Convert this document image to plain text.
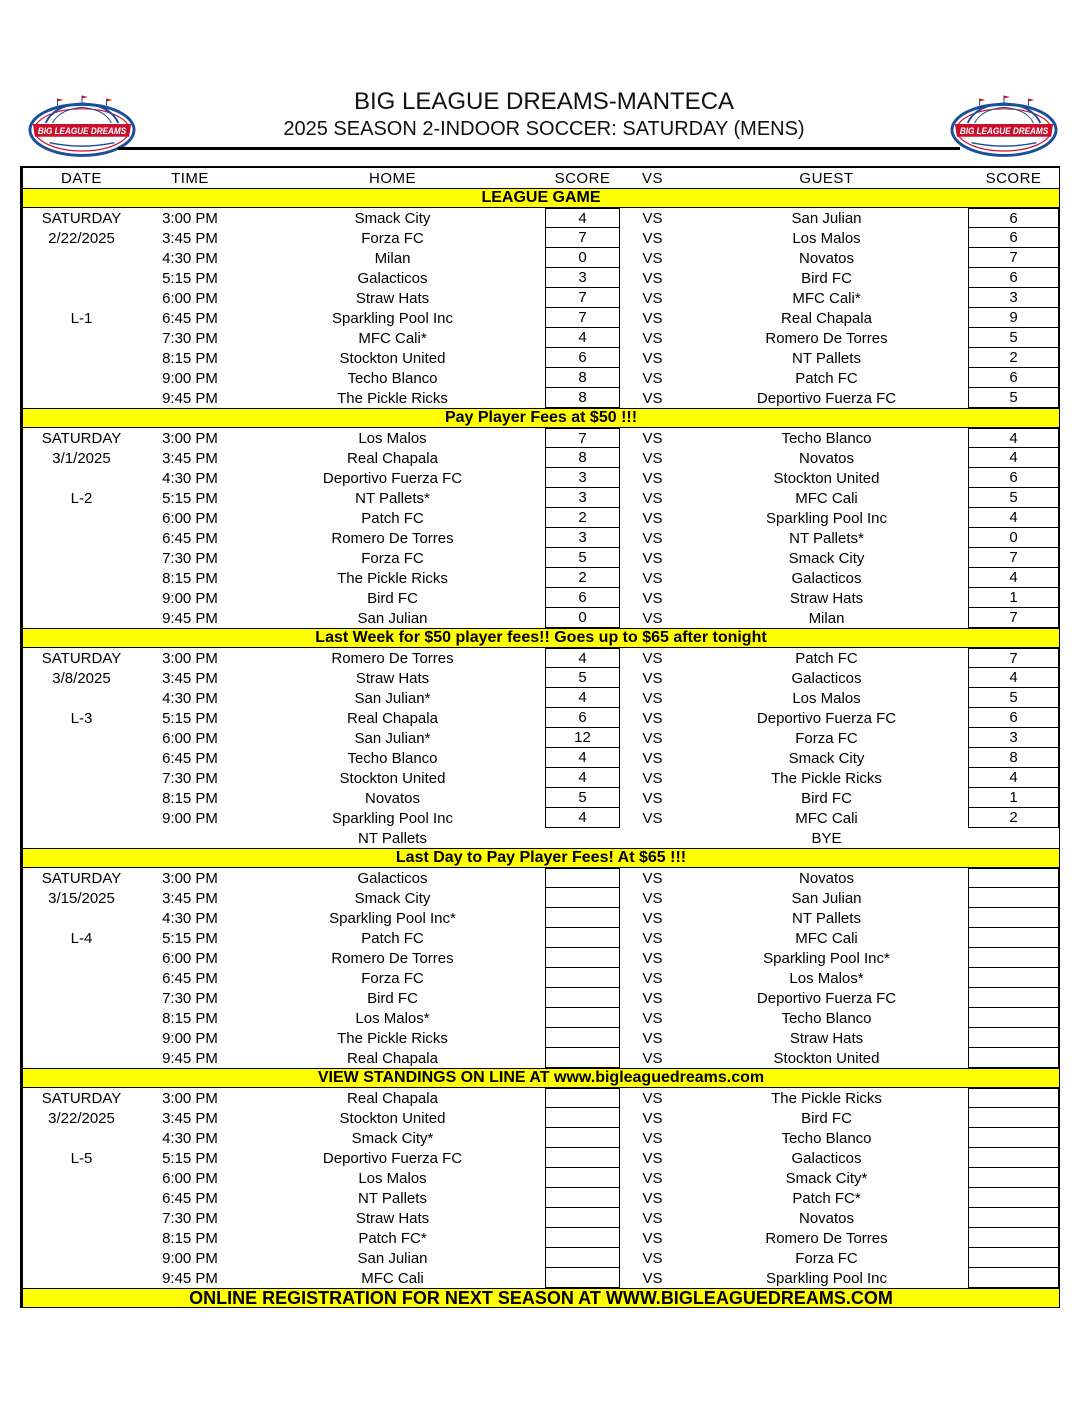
BIG LEAGUE DREAMS
BIG LEAGUE DREAMS-MANTECA
2025 SEASON 2-INDOOR SOCCER: SATURDAY (MENS)	BIG LEAGUE DREAMS
DATE	TIME	HOME	SCORE	VS	GUEST	SCORE
LEAGUE GAME
SATURDAY	3:00 PM	Smack City	4	VS	San Julian	6
2/22/2025	3:45 PM	Forza FC	7	VS	Los Malos	6
4:30 PM	Milan	0	VS	Novatos	7
5:15 PM	Galacticos	3	VS	Bird FC	6
6:00 PM	Straw Hats	7	VS	MFC Cali*	3
L-1	6:45 PM	Sparkling Pool Inc	7	VS	Real Chapala	9
7:30 PM	MFC Cali*	4	VS	Romero De Torres	5
8:15 PM	Stockton United	6	VS	NT Pallets	2
9:00 PM	Techo Blanco	8	VS	Patch FC	6
9:45 PM	The Pickle Ricks	8	VS	Deportivo Fuerza FC	5
Pay Player Fees at $50 !!!
SATURDAY	3:00 PM	Los Malos	7	VS	Techo Blanco	4
3/1/2025	3:45 PM	Real Chapala	8	VS	Novatos	4
4:30 PM	Deportivo Fuerza FC	3	VS	Stockton United	6
L-2	5:15 PM	NT Pallets*	3	VS	MFC Cali	5
6:00 PM	Patch FC	2	VS	Sparkling Pool Inc	4
6:45 PM	Romero De Torres	3	VS	NT Pallets*	0
7:30 PM	Forza FC	5	VS	Smack City	7
8:15 PM	The Pickle Ricks	2	VS	Galacticos	4
9:00 PM	Bird FC	6	VS	Straw Hats	1
9:45 PM	San Julian	0	VS	Milan	7
Last Week for $50 player fees!! Goes up to $65 after tonight
SATURDAY	3:00 PM	Romero De Torres	4	VS	Patch FC	7
3/8/2025	3:45 PM	Straw Hats	5	VS	Galacticos	4
4:30 PM	San Julian*	4	VS	Los Malos	5
L-3	5:15 PM	Real Chapala	6	VS	Deportivo Fuerza FC	6
6:00 PM	San Julian*	12	VS	Forza FC	3
6:45 PM	Techo Blanco	4	VS	Smack City	8
7:30 PM	Stockton United	4	VS	The Pickle Ricks	4
8:15 PM	Novatos	5	VS	Bird FC	1
9:00 PM	Sparkling Pool Inc	4	VS	MFC Cali	2
NT Pallets	BYE
Last Day to Pay Player Fees! At $65 !!!
SATURDAY	3:00 PM	Galacticos	VS	Novatos
3/15/2025	3:45 PM	Smack City	VS	San Julian
4:30 PM	Sparkling Pool Inc*	VS	NT Pallets
L-4	5:15 PM	Patch FC	VS	MFC Cali
6:00 PM	Romero De Torres	VS	Sparkling Pool Inc*
6:45 PM	Forza FC	VS	Los Malos*
7:30 PM	Bird FC	VS	Deportivo Fuerza FC
8:15 PM	Los Malos*	VS	Techo Blanco
9:00 PM	The Pickle Ricks	VS	Straw Hats
9:45 PM	Real Chapala	VS	Stockton United
VIEW STANDINGS ON LINE AT www.bigleaguedreams.com
SATURDAY	3:00 PM	Real Chapala	VS	The Pickle Ricks
3/22/2025	3:45 PM	Stockton United	VS	Bird FC
4:30 PM	Smack City*	VS	Techo Blanco
L-5	5:15 PM	Deportivo Fuerza FC	VS	Galacticos
6:00 PM	Los Malos	VS	Smack City*
6:45 PM	NT Pallets	VS	Patch FC*
7:30 PM	Straw Hats	VS	Novatos
8:15 PM	Patch FC*	VS	Romero De Torres
9:00 PM	San Julian	VS	Forza FC
9:45 PM	MFC Cali	VS	Sparkling Pool Inc
ONLINE REGISTRATION FOR NEXT SEASON AT WWW.BIGLEAGUEDREAMS.COM
